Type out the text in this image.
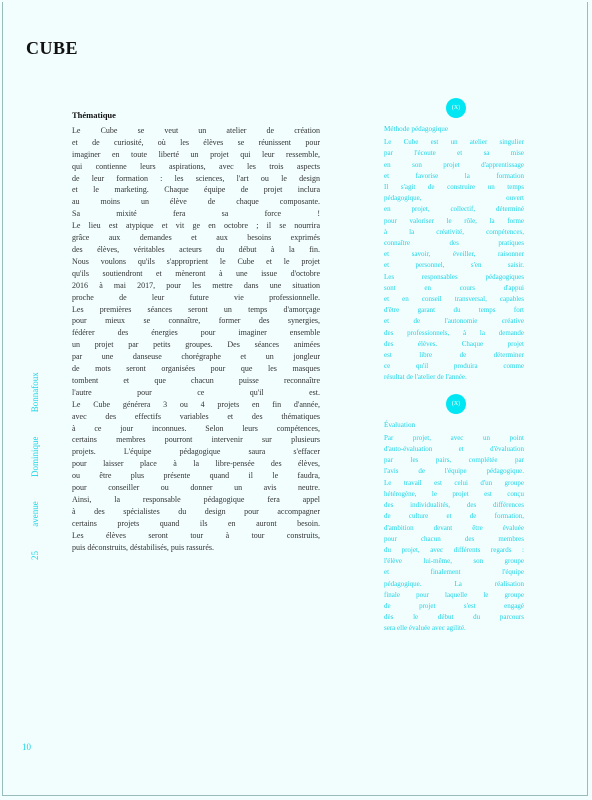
CUBE
25 avenue Dominique Bonnafoux
10
Thématique

Le Cube se veut un atelier de création

et de curiosité, où les élèves se réunissent pour

imaginer en toute liberté un projet qui leur ressemble,

qui contienne leurs aspirations, avec les trois aspects

de leur formation : les sciences, l'art ou le design

et le marketing. Chaque équipe de projet inclura

au moins un élève de chaque composante.

Sa mixité fera sa force !

Le lieu est atypique et vit ge en octobre ; il se nourrira

grâce aux demandes et aux besoins exprimés

des élèves, véritables acteurs du début à la fin.

Nous voulons qu'ils s'approprient le Cube et le projet

qu'ils soutiendront et mèneront à une issue d'octobre

2016 à mai 2017, pour les mettre dans une situation

proche de leur future vie professionnelle.

Les premières séances seront un temps d'amorçage

pour mieux se connaître, former des synergies,

fédérer des énergies pour imaginer ensemble

un projet par petits groupes. Des séances animées

par une danseuse chorégraphe et un jongleur

de mots seront organisées pour que les masques

tombent et que chacun puisse reconnaître

l'autre pour ce qu'il est.

Le Cube générera 3 ou 4 projets en fin d'année,

avec des effectifs variables et des thématiques

à ce jour inconnues. Selon leurs compétences,

certains membres pourront intervenir sur plusieurs

projets. L'équipe pédagogique saura s'effacer

pour laisser place à la libre-pensée des élèves,

ou être plus présente quand il le faudra,

pour conseiller ou donner un avis neutre.

Ainsi, la responsable pédagogique fera appel

à des spécialistes du design pour accompagner

certains projets quand ils en auront besoin.

Les élèves seront tour à tour construits,

puis déconstruits, déstabilisés, puis rassurés.

(X)
Méthode pédagogique

Le Cube est un atelier singulier

par l'écoute et sa mise

en son projet d'apprentissage

et favorise la formation

Il s'agit de construire un temps

pédagogique, ouvert

en projet, collectif, déterminé

pour valoriser le rôle, la forme

à la créativité, compétences,

connaître des pratiques

et savoir, éveiller, raisonner

et personnel, s'en saisir.

Les responsables pédagogiques

sont en cours d'appui

et en conseil transversal, capables

d'être garant du temps fort

et de l'autonomie créative

des professionnels, à la demande

des élèves. Chaque projet

est libre de déterminer

ce qu'il produira comme

résultat de l'atelier de l'année.

(X)
Évaluation

Par projet, avec un point

d'auto-évaluation et d'évaluation

par les pairs, complétée par

l'avis de l'équipe pédagogique.

Le travail est celui d'un groupe

hétérogène, le projet est conçu

des individualités, des différences

de culture et de formation,

d'ambition devant être évaluée

pour chacun des membres

du projet, avec différents regards :

l'élève lui-même, son groupe

et finalement l'équipe

pédagogique. La réalisation

finale pour laquelle le groupe

de projet s'est engagé

dès le début du parcours

sera elle évaluée avec agilité.
